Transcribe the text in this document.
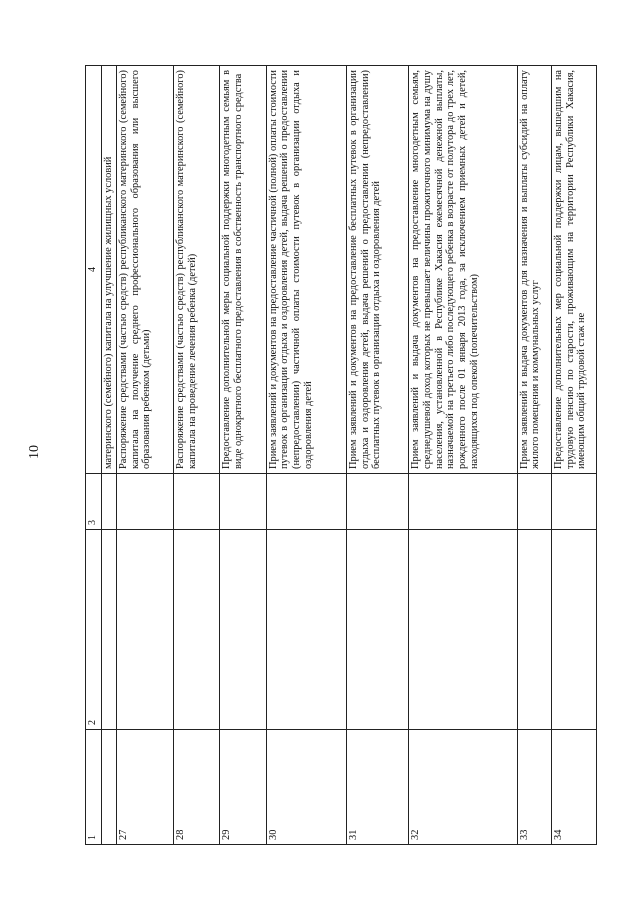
10
1	2	3	4
			материнского (семейного) капитала на улучшение жилищных условий
27			Распоряжение средствами (частью средств) республиканского материнского (семейного) капитала на получение среднего профессионального образования или высшего образования ребенком (детьми)
28			Распоряжение средствами (частью средств) республиканского материнского (семейного) капитала на проведение лечения ребенка (детей)
29			Предоставление дополнительной меры социальной поддержки многодетным семьям в виде однократного бесплатного предоставления в собственность транспортного средства
30			Прием заявлений и документов на предоставление частичной (полной) оплаты стоимости путевок в организации отдыха и оздоровления детей, выдача решений о предоставлении (непредоставлении) частичной оплаты стоимости путевок в организации отдыха и оздоровления детей
31			Прием заявлений и документов на предоставление бесплатных путевок в организации отдыха и оздоровления детей, выдача решений о предоставлении (непредоставлении) бесплатных путевок в организации отдыха и оздоровления детей
32			Прием заявлений и выдача документов на предоставление многодетным семьям, среднедушевой доход которых не превышает величины прожиточного минимума на душу населения, установленной в Республике Хакасия ежемесячной денежной выплаты, назначаемой на третьего либо последующего ребенка в возрасте от полутора до трех лет, рожденного после 01 января 2013 года, за исключением приемных детей и детей, находящихся под опекой (попечительством)
33			Прием заявлений и выдача документов для назначения и выплаты субсидий на оплату жилого помещения и коммунальных услуг
34			Предоставление дополнительных мер социальной поддержки лицам, вышедшим на трудовую пенсию по старости, проживающим на территории Республики Хакасия, имеющим общий трудовой стаж не
